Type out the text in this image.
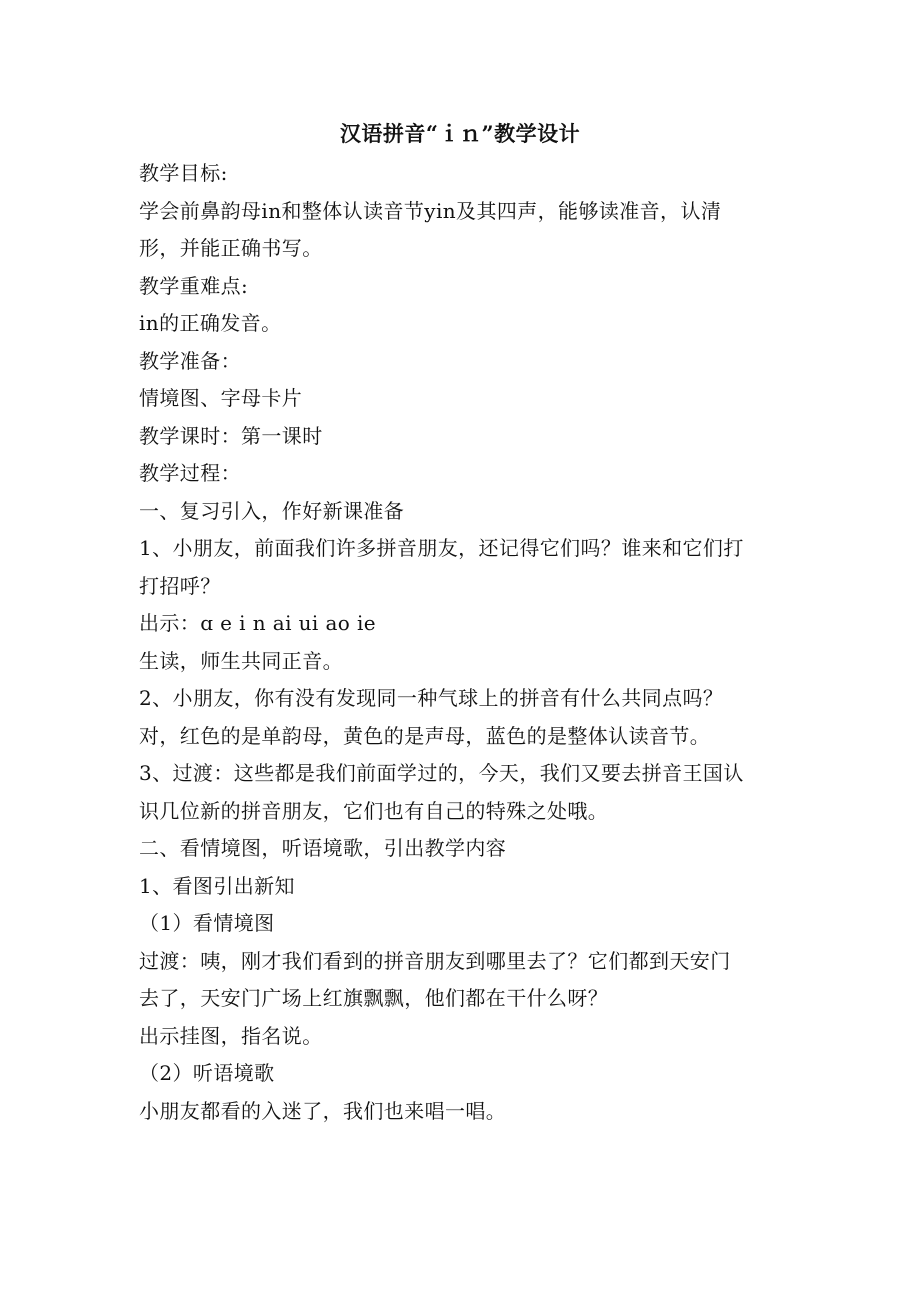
汉语拼音“ｉｎ”教学设计

教学目标:

学会前鼻韵母in和整体认读音节yin及其四声，能够读准音，认清

形，并能正确书写。

教学重难点:

in的正确发音。

教学准备：

情境图、字母卡片

教学课时：第一课时

教学过程：

一、复习引入，作好新课准备

1、小朋友，前面我们许多拼音朋友，还记得它们吗？谁来和它们打

打招呼？

出示：ɑ e i n ai ui ao ie

生读，师生共同正音。

2、小朋友，你有没有发现同一种气球上的拼音有什么共同点吗？

对，红色的是单韵母，黄色的是声母，蓝色的是整体认读音节。

3、过渡：这些都是我们前面学过的，今天，我们又要去拼音王国认

识几位新的拼音朋友，它们也有自己的特殊之处哦。

二、看情境图，听语境歌，引出教学内容

1、看图引出新知

（1）看情境图

过渡：咦，刚才我们看到的拼音朋友到哪里去了？它们都到天安门

去了，天安门广场上红旗飘飘，他们都在干什么呀？

出示挂图，指名说。

（2）听语境歌

小朋友都看的入迷了，我们也来唱一唱。
